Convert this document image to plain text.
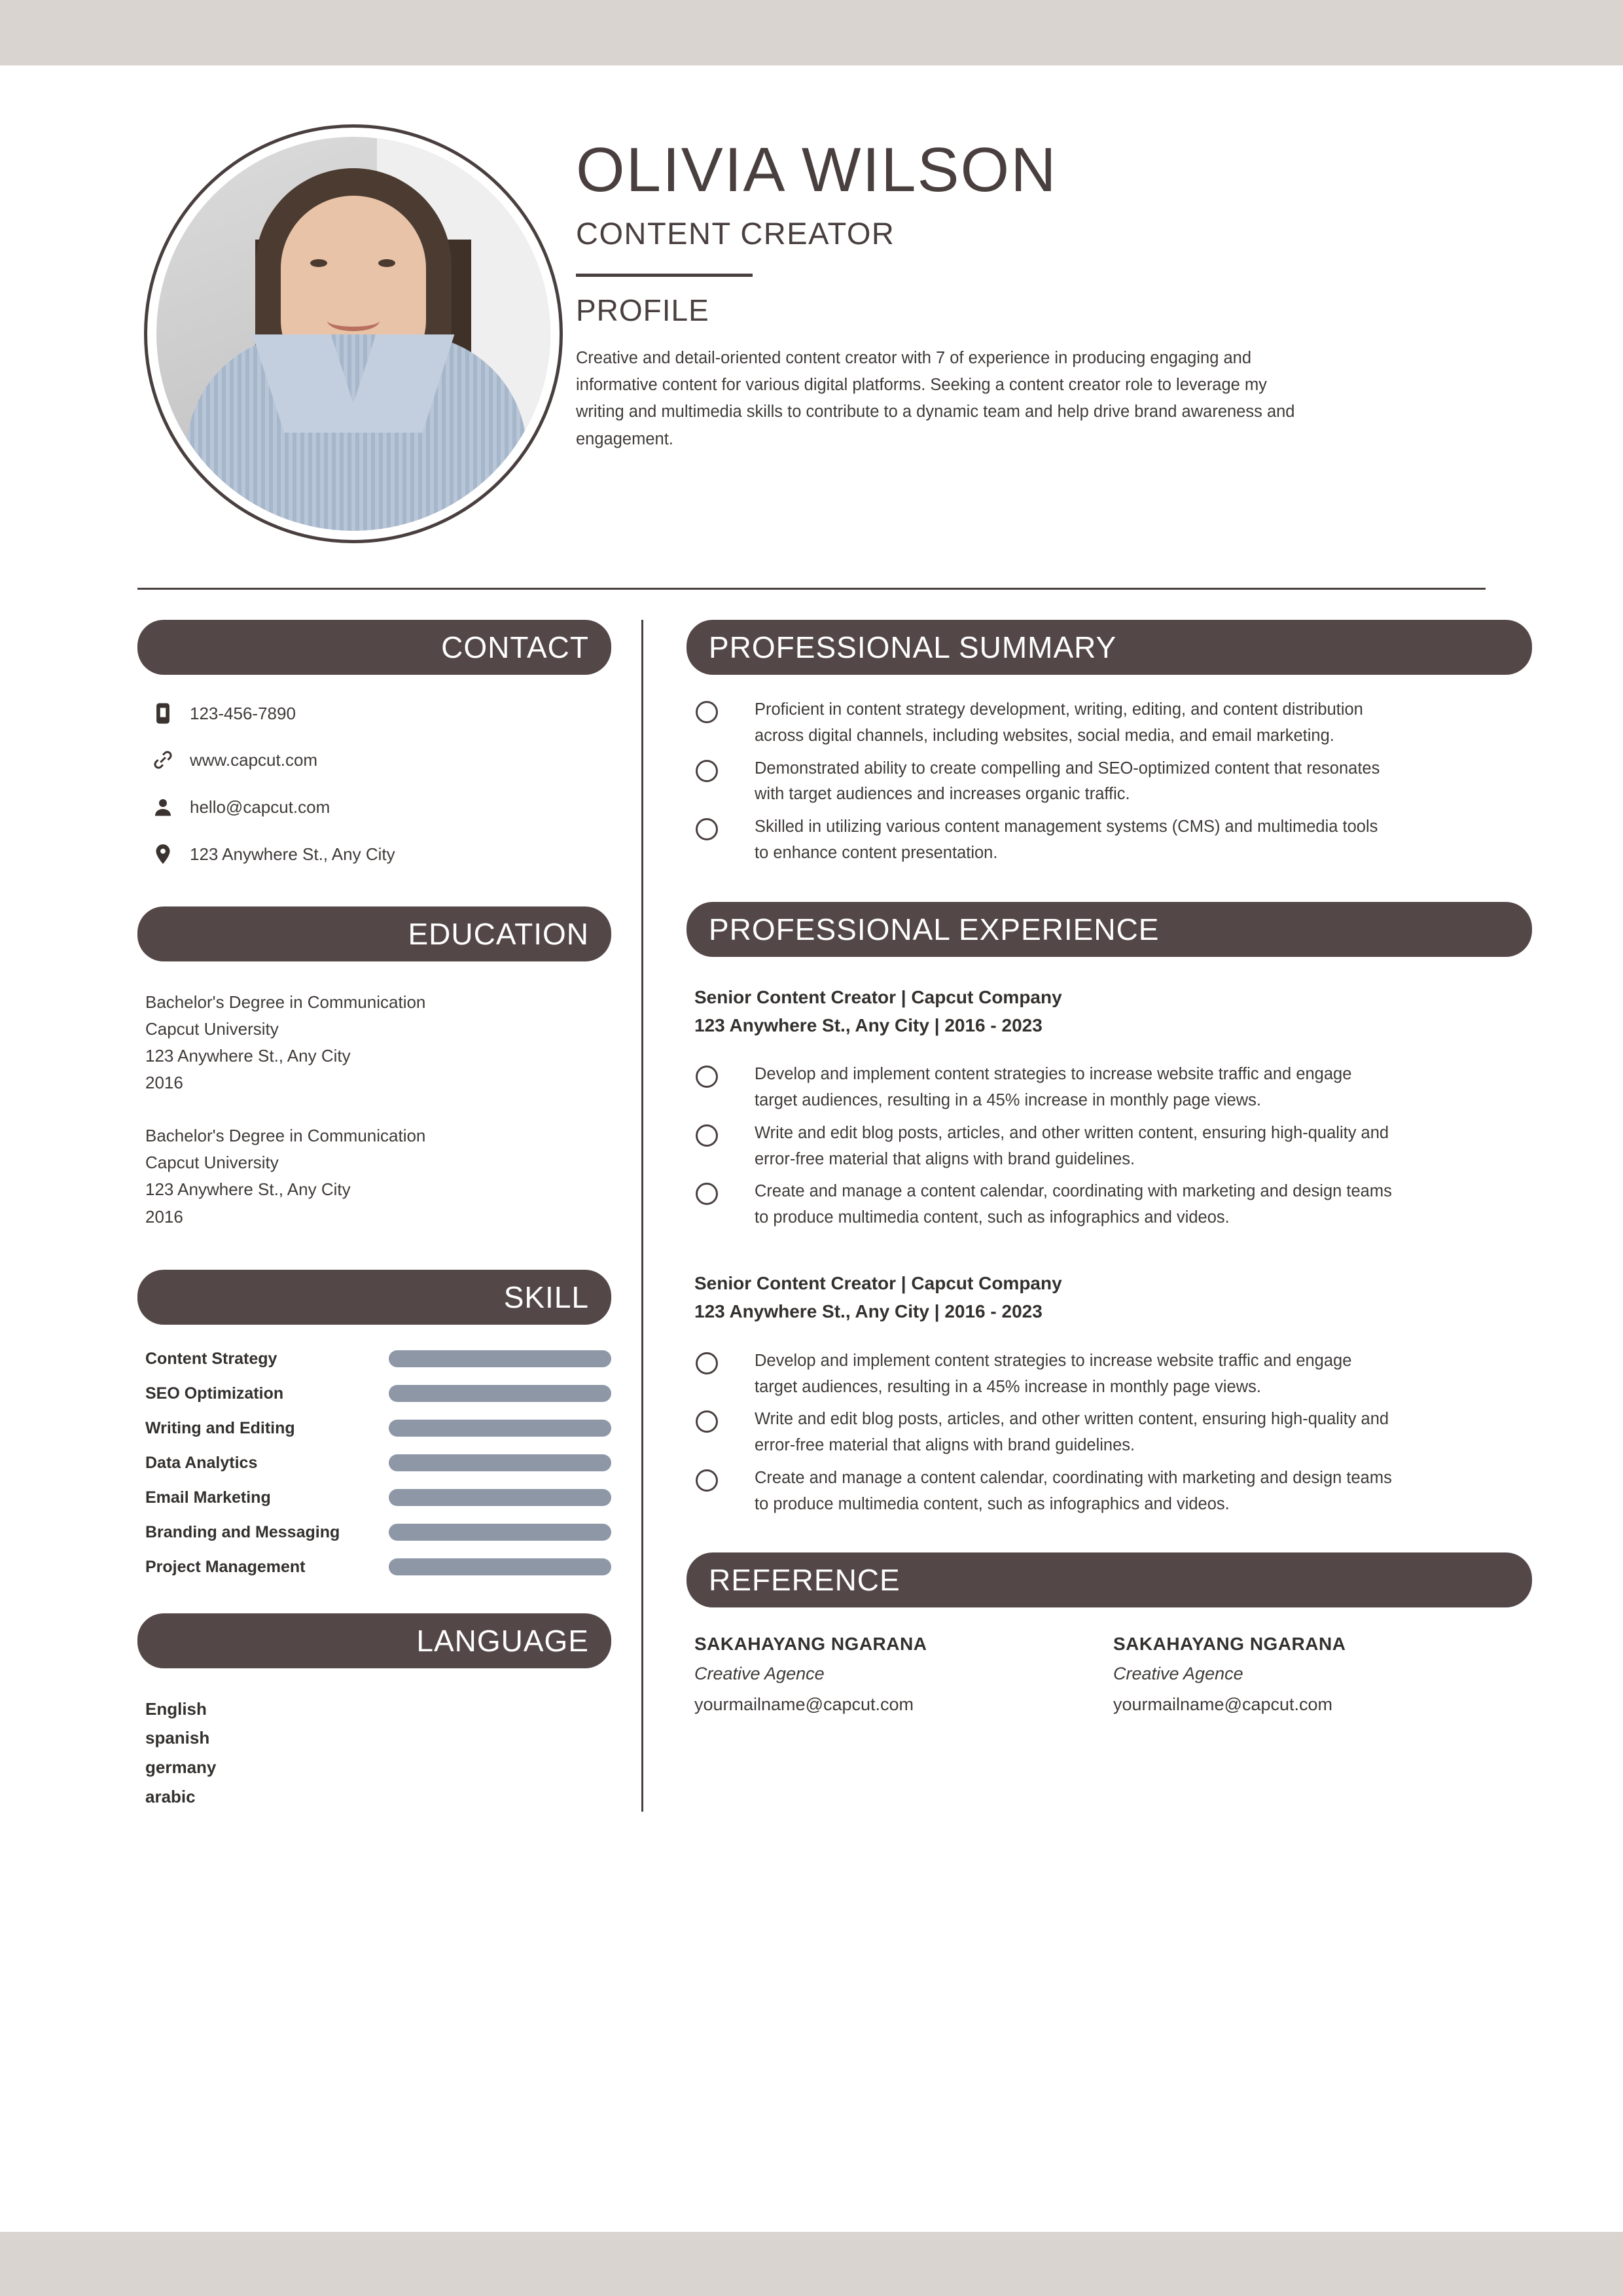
OLIVIA WILSON
CONTENT CREATOR
PROFILE
Creative and detail-oriented content creator with 7 of experience in producing engaging and informative content for various digital platforms. Seeking a content creator role to leverage my writing and multimedia skills to contribute to a dynamic team and help drive brand awareness and engagement.
CONTACT
123-456-7890
www.capcut.com
hello@capcut.com
123 Anywhere St., Any City
EDUCATION
Bachelor's Degree in Communication
Capcut University
123 Anywhere St., Any City
2016
Bachelor's Degree in Communication
Capcut University
123 Anywhere St., Any City
2016
SKILL
Content Strategy
SEO Optimization
Writing and Editing
Data Analytics
Email Marketing
Branding and Messaging
Project Management
LANGUAGE
English
spanish
germany
arabic
PROFESSIONAL SUMMARY
Proficient in content strategy development, writing, editing, and content distribution across digital channels, including websites, social media, and email marketing.
Demonstrated ability to create compelling and SEO-optimized content that resonates with target audiences and increases organic traffic.
Skilled in utilizing various content management systems (CMS) and multimedia tools to enhance content presentation.
PROFESSIONAL EXPERIENCE
Senior Content Creator | Capcut Company
123 Anywhere St., Any City | 2016 - 2023
Develop and implement content strategies to increase website traffic and engage target audiences, resulting in a 45% increase in monthly page views.
Write and edit blog posts, articles, and other written content, ensuring high-quality and error-free material that aligns with brand guidelines.
Create and manage a content calendar, coordinating with marketing and design teams to produce multimedia content, such as infographics and videos.
Senior Content Creator | Capcut Company
123 Anywhere St., Any City | 2016 - 2023
Develop and implement content strategies to increase website traffic and engage target audiences, resulting in a 45% increase in monthly page views.
Write and edit blog posts, articles, and other written content, ensuring high-quality and error-free material that aligns with brand guidelines.
Create and manage a content calendar, coordinating with marketing and design teams to produce multimedia content, such as infographics and videos.
REFERENCE
SAKAHAYANG NGARANA
Creative Agence
yourmailname@capcut.com
SAKAHAYANG NGARANA
Creative Agence
yourmailname@capcut.com
